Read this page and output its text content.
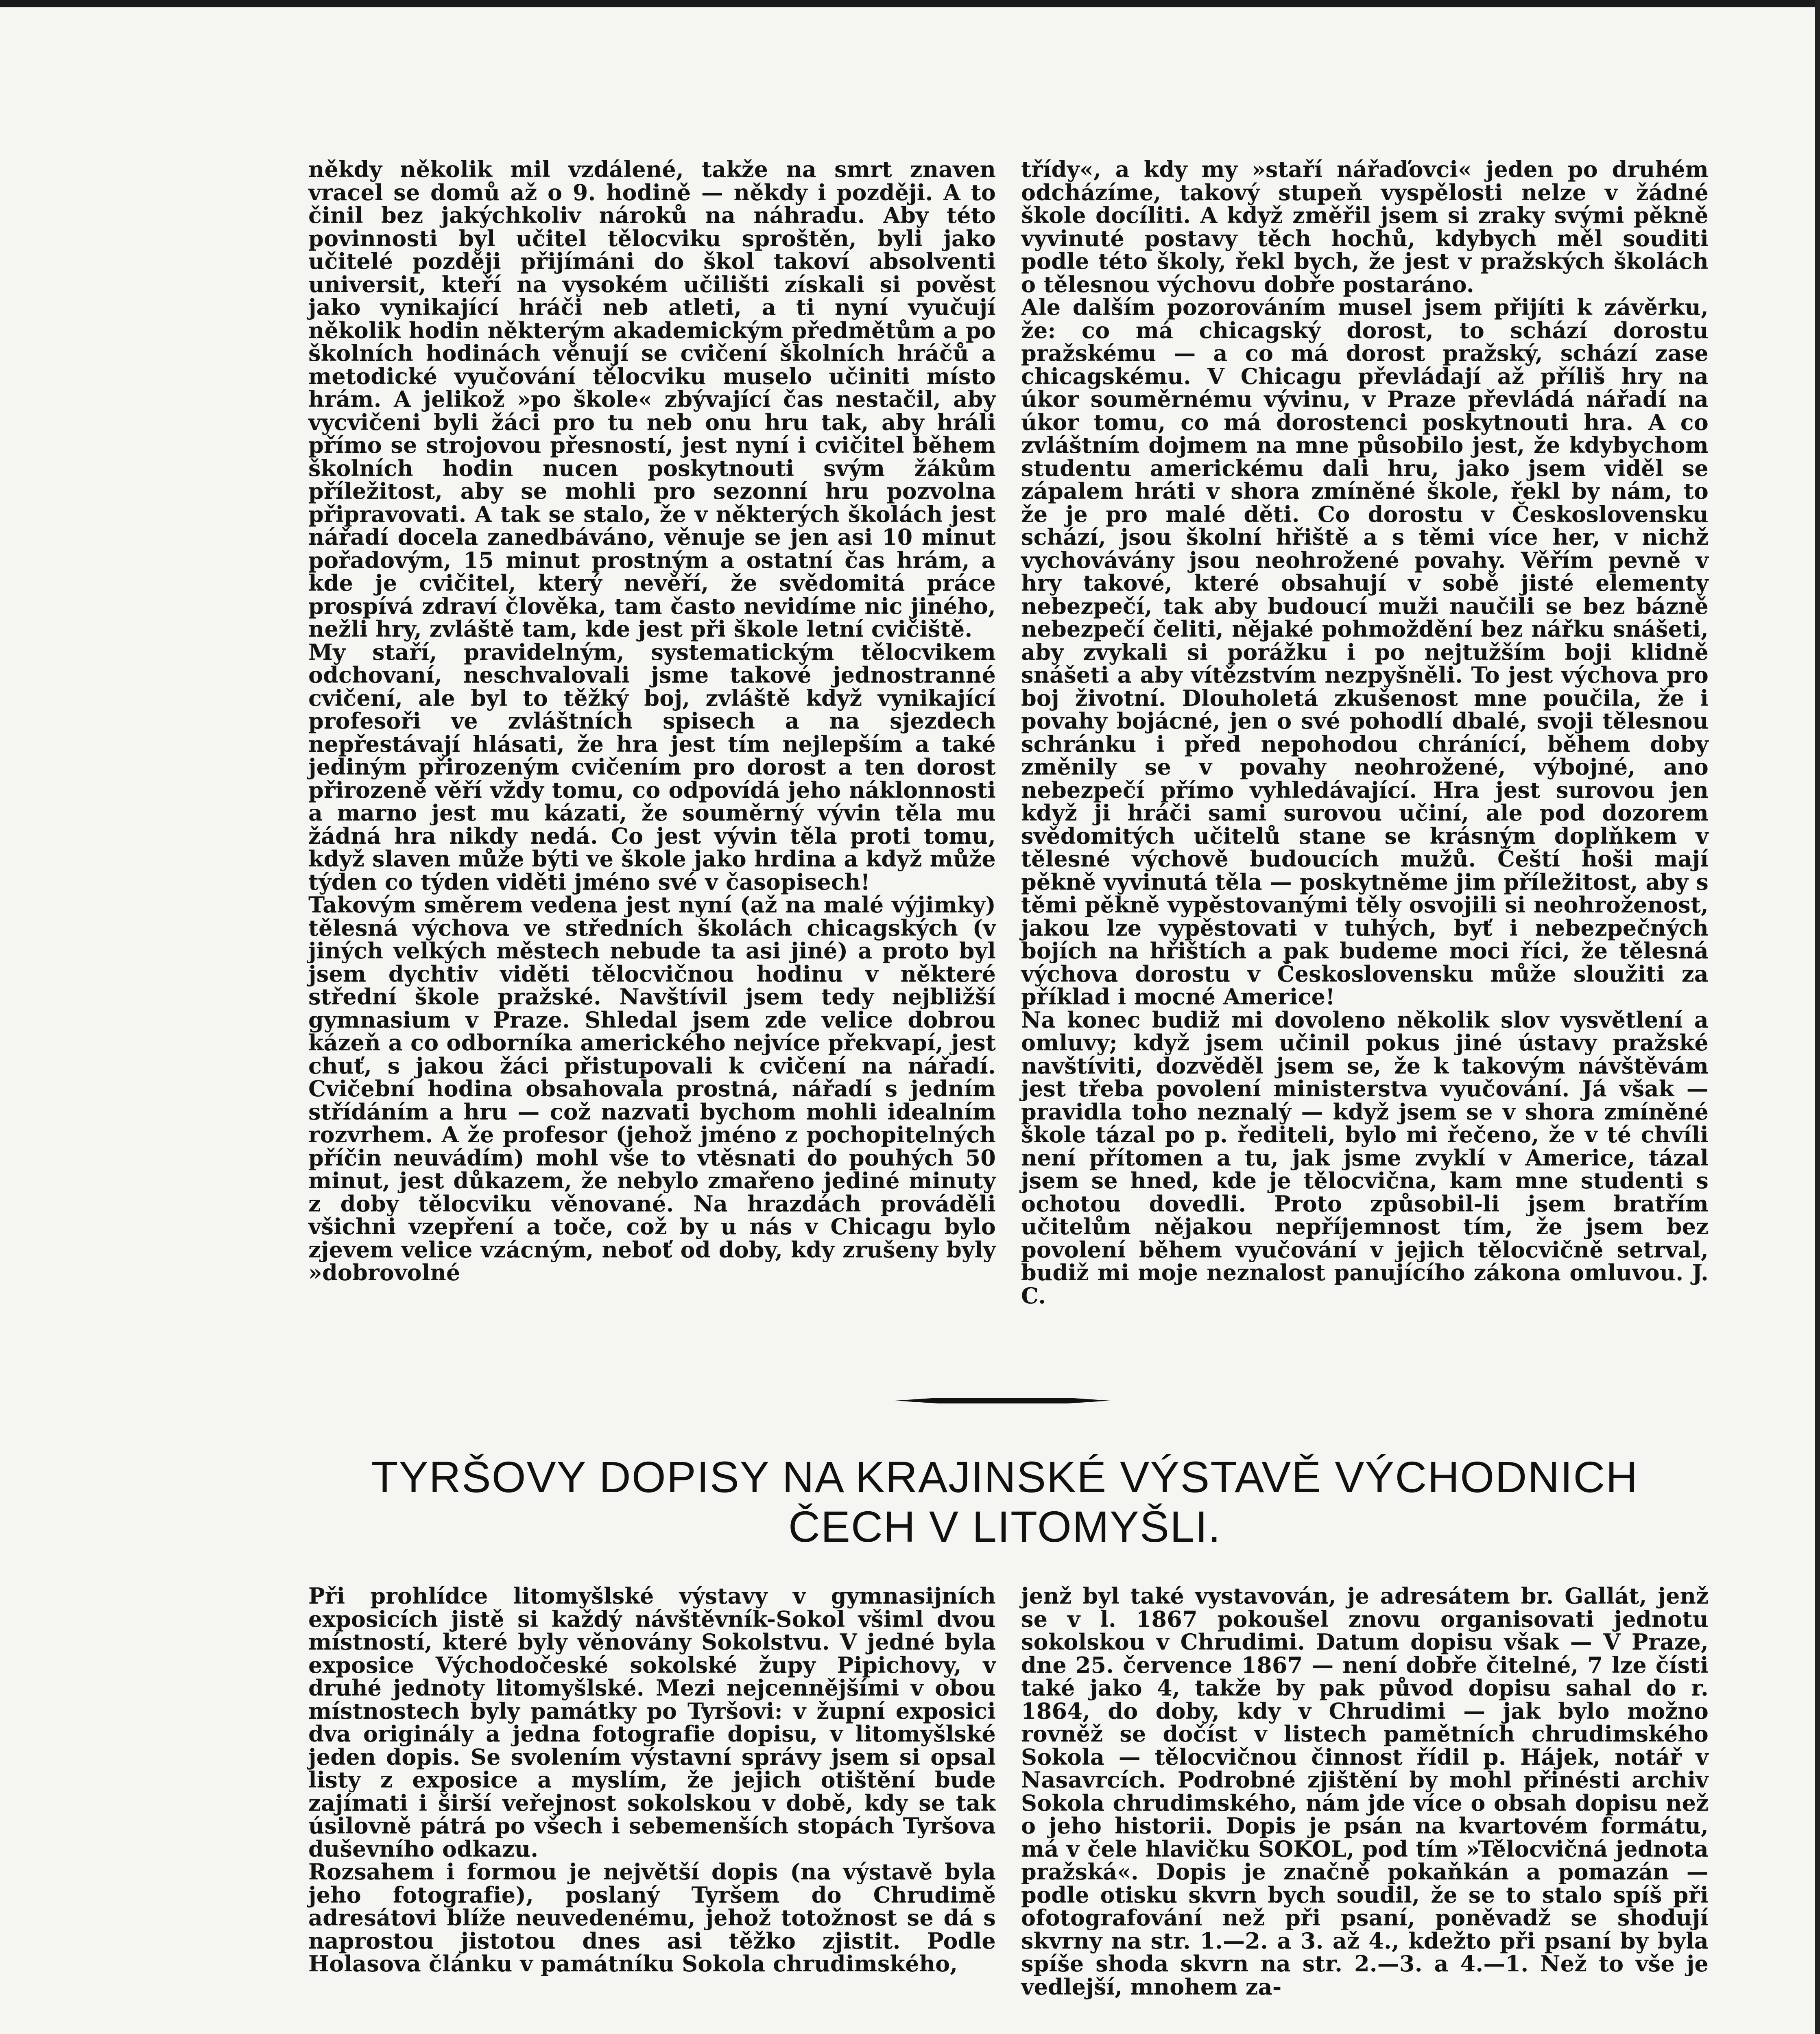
někdy několik mil vzdálené, takže na smrt znaven vracel se domů až o 9. hodině — někdy i později. A to činil bez jakýchkoliv nároků na náhradu. Aby této povinnosti byl učitel tělocviku sproštěn, byli jako učitelé později přijímáni do škol takoví absolventi universit, kteří na vysokém učilišti získali si pověst jako vynikající hráči neb atleti, a ti nyní vyučují několik hodin některým akademickým předmětům a po školních hodinách věnují se cvičení školních hráčů a metodické vyučování tělocviku muselo učiniti místo hrám. A jelikož »po škole« zbývající čas nestačil, aby vycvičeni byli žáci pro tu neb onu hru tak, aby hráli přímo se strojovou přesností, jest nyní i cvičitel během školních hodin nucen poskytnouti svým žákům příležitost, aby se mohli pro sezonní hru pozvolna připravovati. A tak se stalo, že v některých školách jest nářadí docela zanedbáváno, věnuje se jen asi 10 minut pořadovým, 15 minut prostným a ostatní čas hrám, a kde je cvičitel, který nevěří, že svědomitá práce prospívá zdraví člověka, tam často nevidíme nic jiného, nežli hry, zvláště tam, kde jest při škole letní cvičiště.
My staří, pravidelným, systematickým tělocvikem odchovaní, neschvalovali jsme takové jednostranné cvičení, ale byl to těžký boj, zvláště když vynikající profesoři ve zvláštních spisech a na sjezdech nepřestávají hlásati, že hra jest tím nejlepším a také jediným přirozeným cvičením pro dorost a ten dorost přirozeně věří vždy tomu, co odpovídá jeho náklonnosti a marno jest mu kázati, že souměrný vývin těla mu žádná hra nikdy nedá. Co jest vývin těla proti tomu, když slaven může býti ve škole jako hrdina a když může týden co týden viděti jméno své v časopisech!
Takovým směrem vedena jest nyní (až na malé výjimky) tělesná výchova ve středních školách chicagských (v jiných velkých městech nebude ta asi jiné) a proto byl jsem dychtiv viděti tělocvičnou hodinu v některé střední škole pražské. Navštívil jsem tedy nejbližší gymnasium v Praze. Shledal jsem zde velice dobrou kázeň a co odborníka amerického nejvíce překvapí, jest chuť, s jakou žáci přistupovali k cvičení na nářadí. Cvičební hodina obsahovala prostná, nářadí s jedním střídáním a hru — což nazvati bychom mohli idealním rozvrhem. A že profesor (jehož jméno z pochopitelných příčin neuvádím) mohl vše to vtěsnati do pouhých 50 minut, jest důkazem, že nebylo zmařeno jediné minuty z doby tělocviku věnované. Na hrazdách prováděli všichni vzepření a toče, což by u nás v Chicagu bylo zjevem velice vzácným, neboť od doby, kdy zrušeny byly »dobrovolné

třídy«, a kdy my »staří nářaďovci« jeden po druhém odcházíme, takový stupeň vyspělosti nelze v žádné škole docíliti. A když změřil jsem si zraky svými pěkně vyvinuté postavy těch hochů, kdybych měl souditi podle této školy, řekl bych, že jest v pražských školách o tělesnou výchovu dobře postaráno.
Ale dalším pozorováním musel jsem přijíti k závěrku, že: co má chicagský dorost, to schází dorostu pražskému — a co má dorost pražský, schází zase chicagskému. V Chicagu převládají až příliš hry na úkor souměrnému vývinu, v Praze převládá nářadí na úkor tomu, co má dorostenci poskytnouti hra. A co zvláštním dojmem na mne působilo jest, že kdybychom studentu americkému dali hru, jako jsem viděl se zápalem hráti v shora zmíněné škole, řekl by nám, to že je pro malé děti. Co dorostu v Československu schází, jsou školní hřiště a s těmi více her, v nichž vychovávány jsou neohrožené povahy. Věřím pevně v hry takové, které obsahují v sobě jisté elementy nebezpečí, tak aby budoucí muži naučili se bez bázně nebezpečí čeliti, nějaké pohmoždění bez nářku snášeti, aby zvykali si porážku i po nejtužším boji klidně snášeti a aby vítězstvím nezpyšněli. To jest výchova pro boj životní. Dlouholetá zkušenost mne poučila, že i povahy bojácné, jen o své pohodlí dbalé, svoji tělesnou schránku i před nepohodou chránící, během doby změnily se v povahy neohrožené, výbojné, ano nebezpečí přímo vyhledávající. Hra jest surovou jen když ji hráči sami surovou učiní, ale pod dozorem svědomitých učitelů stane se krásným doplňkem v tělesné výchově budoucích mužů. Čeští hoši mají pěkně vyvinutá těla — poskytněme jim příležitost, aby s těmi pěkně vypěstovanými těly osvojili si neohroženost, jakou lze vypěstovati v tuhých, byť i nebezpečných bojích na hřištích a pak budeme moci říci, že tělesná výchova dorostu v Československu může sloužiti za příklad i mocné Americe!
Na konec budiž mi dovoleno několik slov vysvětlení a omluvy; když jsem učinil pokus jiné ústavy pražské navštíviti, dozvěděl jsem se, že k takovým návštěvám jest třeba povolení ministerstva vyučování. Já však — pravidla toho neznalý — když jsem se v shora zmíněné škole tázal po p. řediteli, bylo mi řečeno, že v té chvíli není přítomen a tu, jak jsme zvyklí v Americe, tázal jsem se hned, kde je tělocvična, kam mne studenti s ochotou dovedli. Proto způsobil-li jsem bratřím učitelům nějakou nepříjemnost tím, že jsem bez povolení během vyučování v jejich tělocvičně setrval, budiž mi moje neznalost panujícího zákona omluvou. J. C.

TYRŠOVY DOPISY NA KRAJINSKÉ VÝSTAVĚ VÝCHODNICH
ČECH V LITOMYŠLI.

Při prohlídce litomyšlské výstavy v gymnasijních exposicích jistě si každý návštěvník-Sokol všiml dvou místností, které byly věnovány Sokolstvu. V jedné byla exposice Východočeské sokolské župy Pipichovy, v druhé jednoty litomyšlské. Mezi nejcennějšími v obou místnostech byly památky po Tyršovi: v župní exposici dva originály a jedna fotografie dopisu, v litomyšlské jeden dopis. Se svolením výstavní správy jsem si opsal listy z exposice a myslím, že jejich otištění bude zajímati i širší veřejnost sokolskou v době, kdy se tak úsilovně pátrá po všech i sebemenších stopách Tyršova duševního odkazu.
Rozsahem i formou je největší dopis (na výstavě byla jeho fotografie), poslaný Tyršem do Chrudimě adresátovi blíže neuvedenému, jehož totožnost se dá s naprostou jistotou dnes asi těžko zjistit. Podle Holasova článku v památníku Sokola chrudimského,

jenž byl také vystavován, je adresátem br. Gallát, jenž se v l. 1867 pokoušel znovu organisovati jednotu sokolskou v Chrudimi. Datum dopisu však — V Praze, dne 25. července 1867 — není dobře čitelné, 7 lze čísti také jako 4, takže by pak původ dopisu sahal do r. 1864, do doby, kdy v Chrudimi — jak bylo možno rovněž se dočíst v listech pamětních chrudimského Sokola — tělocvičnou činnost řídil p. Hájek, notář v Nasavrcích. Podrobné zjištění by mohl přinésti archiv Sokola chrudimského, nám jde více o obsah dopisu než o jeho historii. Dopis je psán na kvartovém formátu, má v čele hlavičku SOKOL, pod tím »Tělocvičná jednota pražská«. Dopis je značně pokaňkán a pomazán — podle otisku skvrn bych soudil, že se to stalo spíš při ofotografování než při psaní, poněvadž se shodují skvrny na str. 1.—2. a 3. až 4., kdežto při psaní by byla spíše shoda skvrn na str. 2.—3. a 4.—1. Než to vše je vedlejší, mnohem za-
